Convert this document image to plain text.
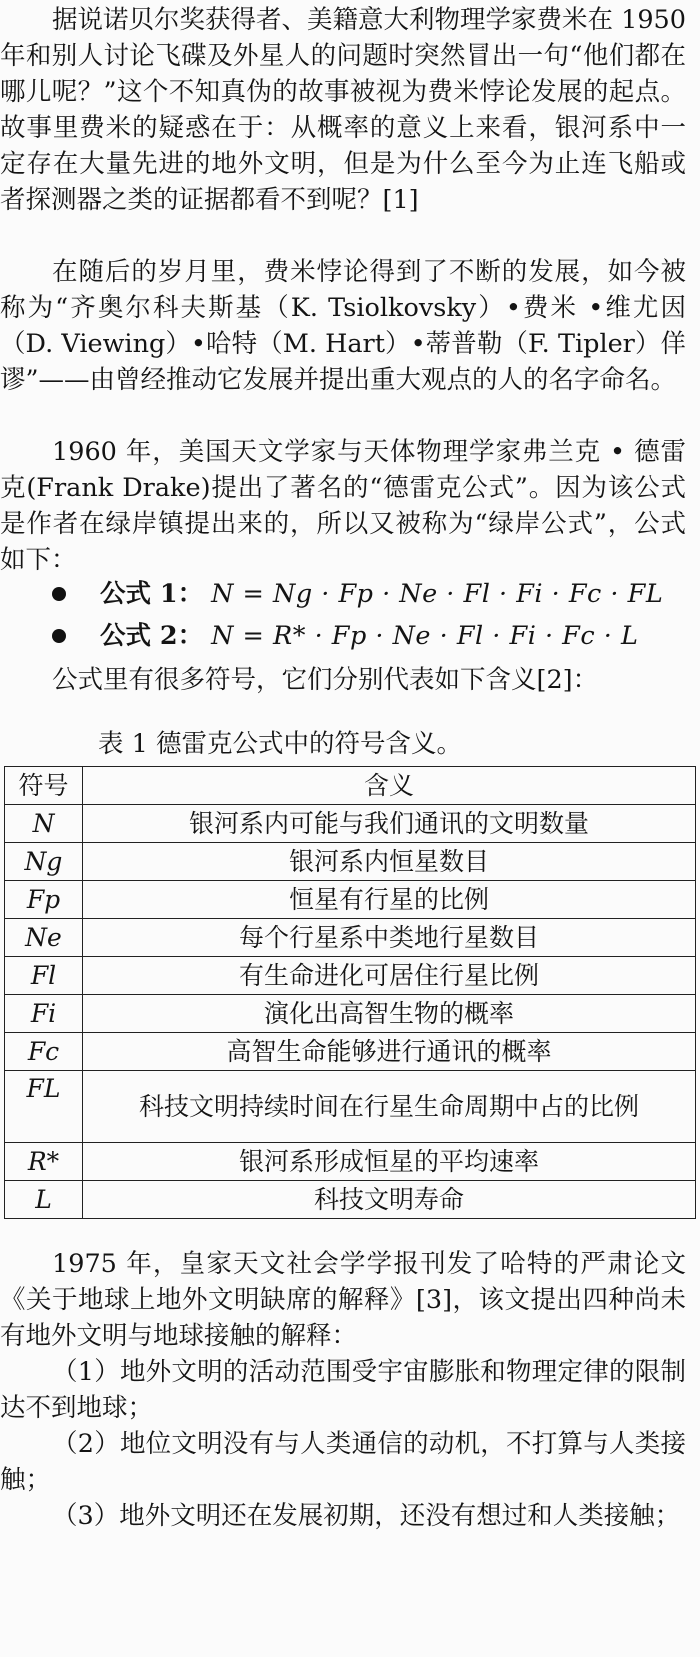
据说诺贝尔奖获得者、美籍意大利物理学家费米在 1950 年和别人讨论飞碟及外星人的问题时突然冒出一句“他们都在哪儿呢？”这个不知真伪的故事被视为费米悖论发展的起点。故事里费米的疑惑在于：从概率的意义上来看，银河系中一定存在大量先进的地外文明，但是为什么至今为止连飞船或者探测器之类的证据都看不到呢？[1]

在随后的岁月里，费米悖论得到了不断的发展，如今被称为“齐奥尔科夫斯基（K. Tsiolkovsky）•费米 •维尤因（D. Viewing）•哈特（M. Hart）•蒂普勒（F. Tipler）佯谬”——由曾经推动它发展并提出重大观点的人的名字命名。

1960 年，美国天文学家与天体物理学家弗兰克 • 德雷克(Frank Drake)提出了著名的“德雷克公式”。因为该公式是作者在绿岸镇提出来的，所以又被称为“绿岸公式”，公式如下：

公式 1： N = Ng · Fp · Ne · Fl · Fi · Fc · FL
公式 2： N = R* · Fp · Ne · Fl · Fi · Fc · L

公式里有很多符号，它们分别代表如下含义[2]：

表 1 德雷克公式中的符号含义。
符号	含义
N	银河系内可能与我们通讯的文明数量
Ng	银河系内恒星数目
Fp	恒星有行星的比例
Ne	每个行星系中类地行星数目
Fl	有生命进化可居住行星比例
Fi	演化出高智生物的概率
Fc	高智生命能够进行通讯的概率
FL	科技文明持续时间在行星生命周期中占的比例
R*	银河系形成恒星的平均速率
L	科技文明寿命

1975 年，皇家天文社会学学报刊发了哈特的严肃论文《关于地球上地外文明缺席的解释》[3]，该文提出四种尚未有地外文明与地球接触的解释：

（1）地外文明的活动范围受宇宙膨胀和物理定律的限制达不到地球；

（2）地位文明没有与人类通信的动机，不打算与人类接触；

（3）地外文明还在发展初期，还没有想过和人类接触；
